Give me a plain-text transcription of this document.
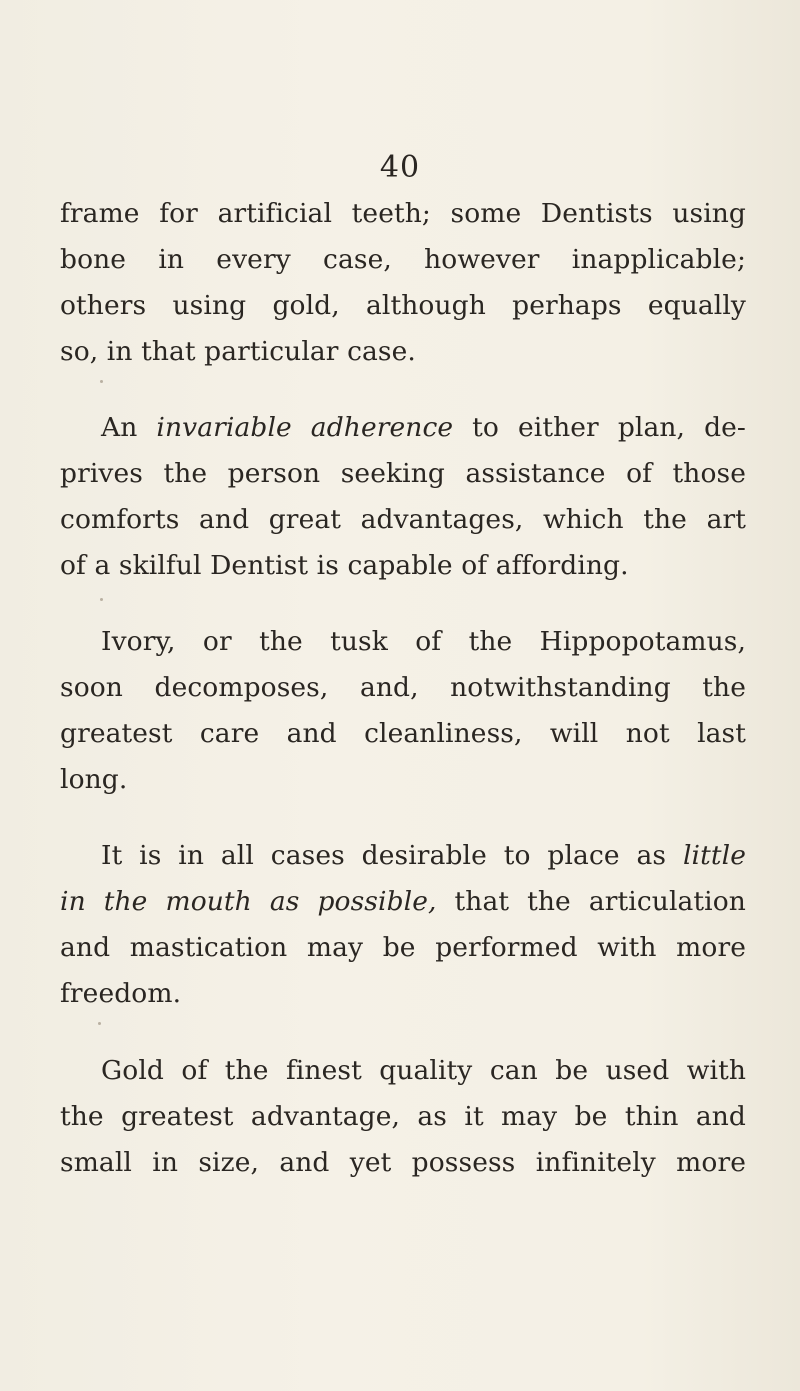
40
frame for artificial teeth; some Dentists using
bone in every case, however inapplicable;
others using gold, although perhaps equally
so, in that particular case.
An invariable adherence to either plan, de-
prives the person seeking assistance of those
comforts and great advantages, which the art
of a skilful Dentist is capable of affording.
Ivory, or the tusk of the Hippopotamus,
soon decomposes, and, notwithstanding the
greatest care and cleanliness, will not last
long.
It is in all cases desirable to place as little
in the mouth as possible, that the articulation
and mastication may be performed with more
freedom.
Gold of the finest quality can be used with
the greatest advantage, as it may be thin and
small in size, and yet possess infinitely more
